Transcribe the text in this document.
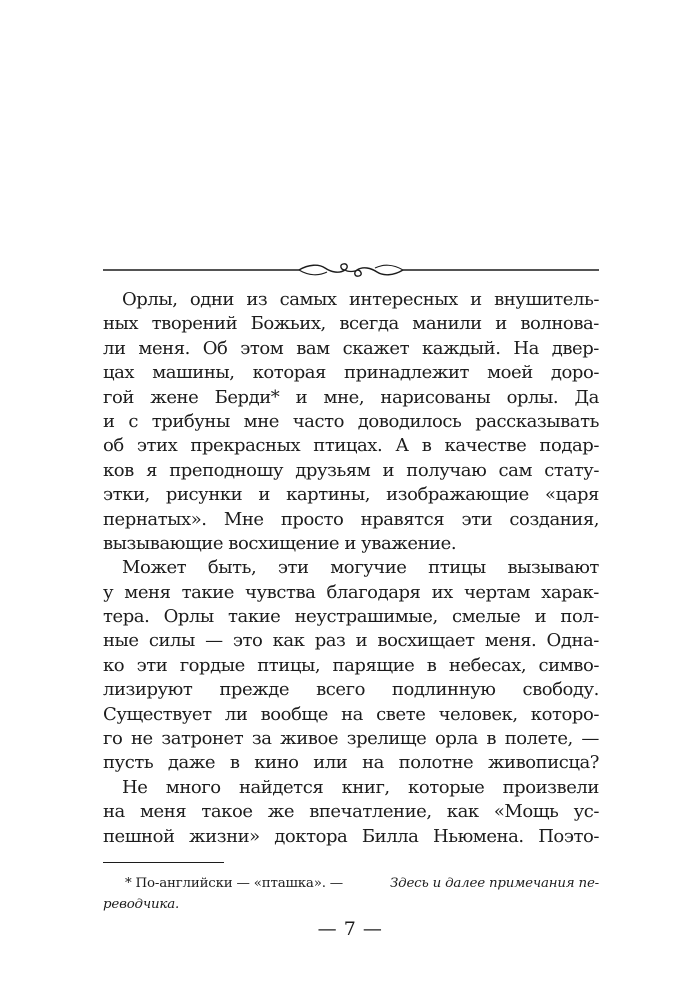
Орлы, одни из самых интересных и внушитель-
ных творений Божьих, всегда манили и волнова-
ли меня. Об этом вам скажет каждый. На двер-
цах машины, которая принадлежит моей доро-
гой жене Берди* и мне, нарисованы орлы. Да
и с трибуны мне часто доводилось рассказывать
об этих прекрасных птицах. А в качестве подар-
ков я преподношу друзьям и получаю сам стату-
этки, рисунки и картины, изображающие «царя
пернатых». Мне просто нравятся эти создания,
вызывающие восхищение и уважение.
Может быть, эти могучие птицы вызывают
у меня такие чувства благодаря их чертам харак-
тера. Орлы такие неустрашимые, смелые и пол-
ные силы — это как раз и восхищает меня. Одна-
ко эти гордые птицы, парящие в небесах, симво-
лизируют прежде всего подлинную свободу.
Существует ли вообще на свете человек, которо-
го не затронет за живое зрелище орла в полете, —
пусть даже в кино или на полотне живописца?
Не много найдется книг, которые произвели
на меня такое же впечатление, как «Мощь ус-
пешной жизни» доктора Билла Ньюмена. Поэто-
* По-английски — «пташка». —	Здесь и далее примечания пе-
реводчика.
— 7 —
